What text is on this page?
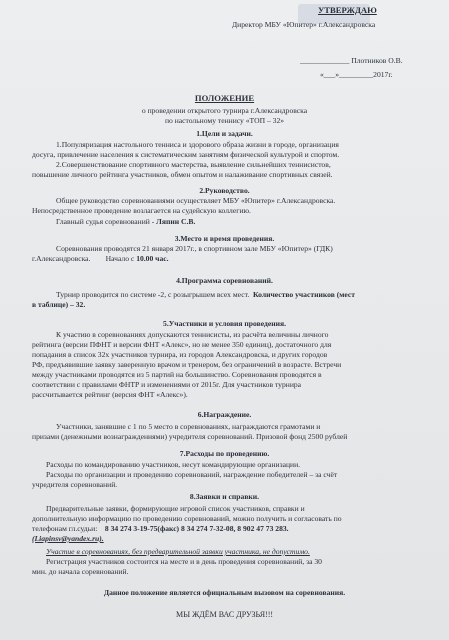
УТВЕРЖДАЮ
Директор МБУ «Юпитер» г.Александровска
_____________ Плотников О.В.
«___»_________2017г.
ПОЛОЖЕНИЕ
о проведении открытого турнира г.Александровска
по настольному теннису «ТОП – 32»
1.Цели и задачи.
1.Популяризация настольного тенниса и здорового образа жизни в городе, организация
досуга, привлечение населения к систематическим занятиям физической культурой и спортом.
2.Совершенствование спортивного мастерства, выявление сильнейших теннисистов,
повышение личного рейтинга участников, обмен опытом и налаживание спортивных связей.
2.Руководство.
Общее руководство соревнованиями осуществляет МБУ «Юпитер» г.Александровска.
Непосредственное проведение возлагается на судейскую коллегию.
Главный судья соревнований - Ляпин С.В.
3.Место и время проведения.
Соревнования проводятся 21 января 2017г., в спортивном зале МБУ «Юпитер» (ГДК)
г.Александровска. Начало с 10.00 час.
4.Программа соревнований.
Турнир проводится по системе -2, с розыгрышем всех мест. Количество участников (мест
в таблице) – 32.
5.Участники и условия проведения.
К участию в соревнованиях допускаются теннисисты, из расчёта величины личного
рейтинга (версии ПФНТ и версии ФНТ «Алекс», но не менее 350 единиц), достаточного для
попадания в список 32х участников турнира, из городов Александровска, и других городов
РФ, предъявившие заявку заверенную врачом и тренером, без ограничений в возрасте. Встречи
между участниками проводятся из 5 партий на большинство. Соревнования проводятся в
соответствии с правилами ФНТР и изменениями от 2015г. Для участников турнира
рассчитывается рейтинг (версия ФНТ «Алекс»).
6.Награждение.
Участники, занявшие с 1 по 5 место в соревнованиях, награждаются грамотами и
призами (денежными вознаграждениями) учредителя соревнований. Призовой фонд 2500 рублей
7.Расходы по проведению.
Расходы по командированию участников, несут командирующие организации.
Расходы по организации и проведению соревнований, награждение победителей – за счёт
учредителя соревнований.
8.Заявки и справки.
Предварительные заявки, формирующие игровой список участников, справки и
дополнительную информацию по проведению соревнований, можно получить и согласовать по
телефонам гл.судьи: 8 34 274 3-19-75(факс) 8 34 274 7-32-08, 8 902 47 73 283.
(Liapinsv@yandex.ru).
Участие в соревнованиях, без предварительной заявки участника, не допустимо.
Регистрация участников состоится на месте и в день проведения соревнований, за 30
мин. до начала соревнований.
Данное положение является официальным вызовом на соревнования.
МЫ ЖДЁМ ВАС ДРУЗЬЯ!!!
